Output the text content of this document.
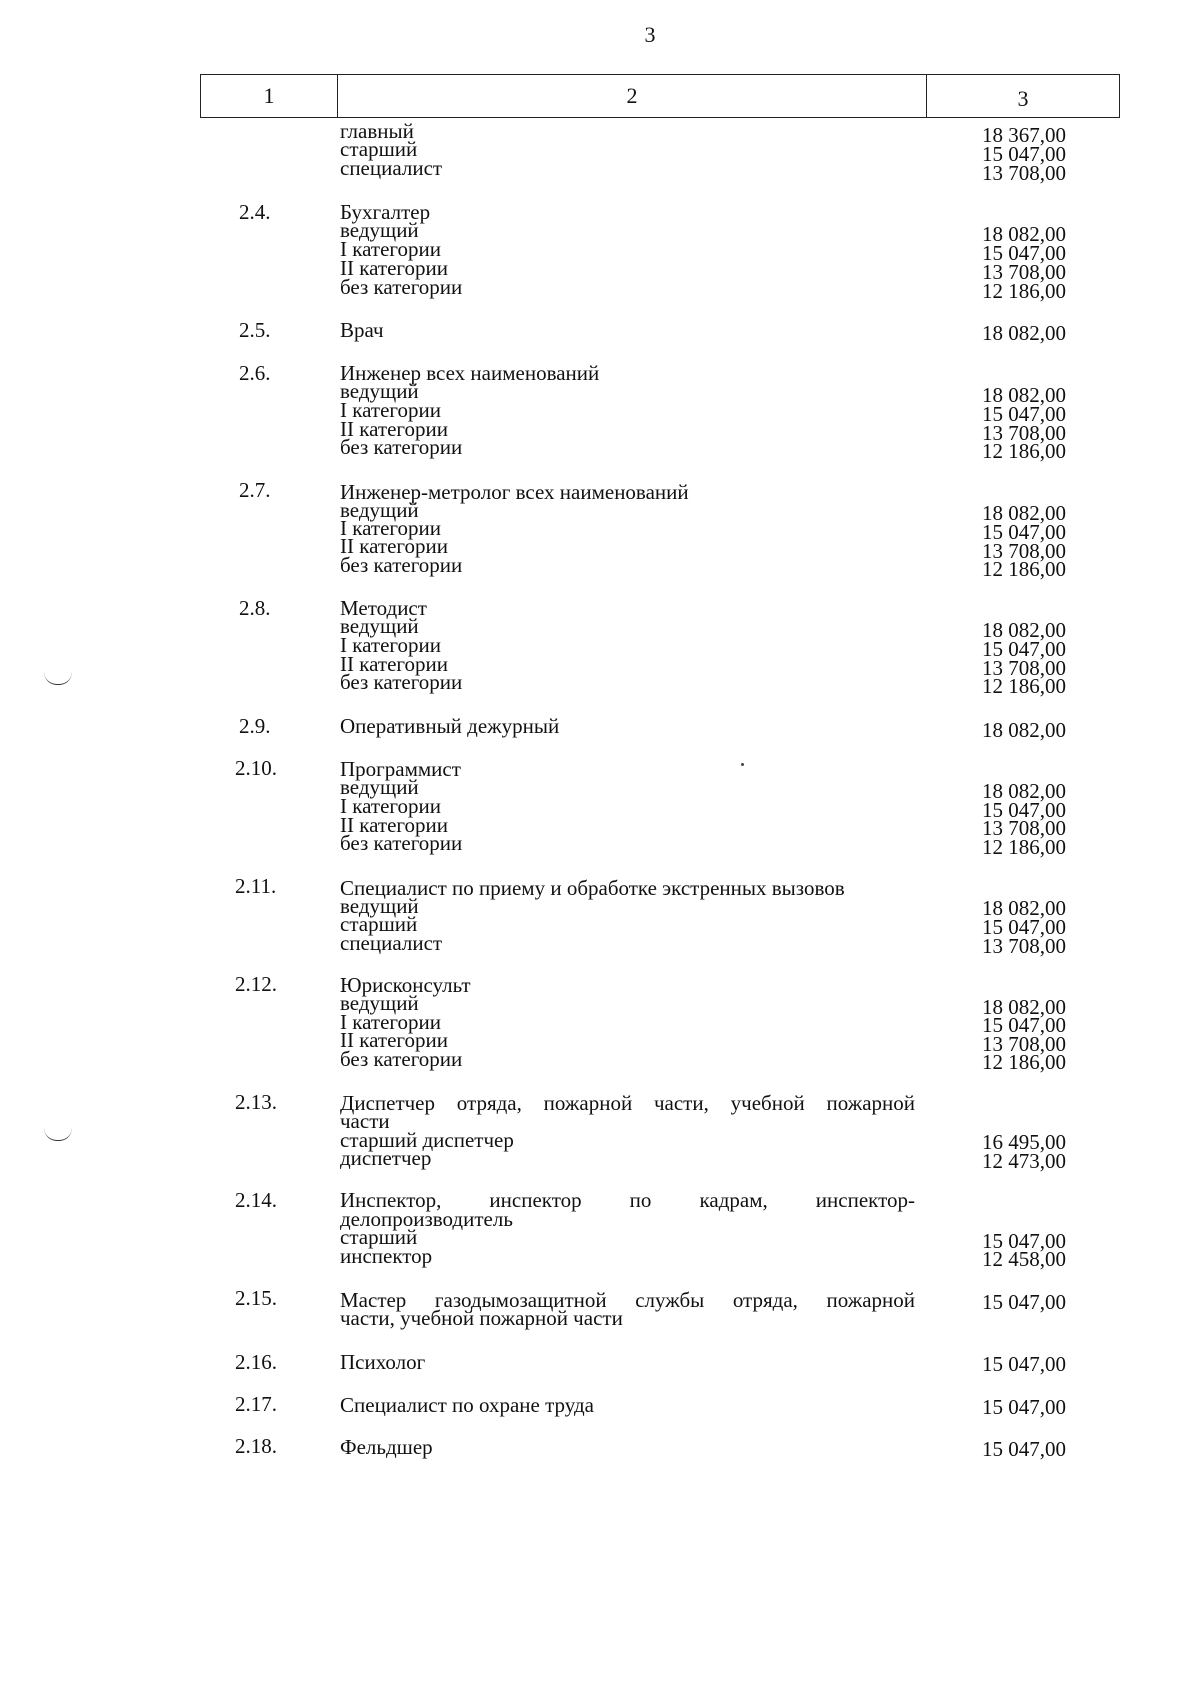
3
1	2	3
главный	18 367,00
старший	15 047,00
специалист	13 708,00
2.4.	Бухгалтер
ведущий	18 082,00
I категории	15 047,00
II категории	13 708,00
без категории	12 186,00
2.5.	Врач	18 082,00
2.6.	Инженер всех наименований
ведущий	18 082,00
I категории	15 047,00
II категории	13 708,00
без категории	12 186,00
2.7.	Инженер-метролог всех наименований
ведущий	18 082,00
I категории	15 047,00
II категории	13 708,00
без категории	12 186,00
2.8.	Методист
ведущий	18 082,00
I категории	15 047,00
II категории	13 708,00
без категории	12 186,00
2.9.	Оперативный дежурный	18 082,00
2.10.	Программист
ведущий	18 082,00
I категории	15 047,00
II категории	13 708,00
без категории	12 186,00
2.11.	Специалист по приему и обработке экстренных вызовов
ведущий	18 082,00
старший	15 047,00
специалист	13 708,00
2.12.	Юрисконсульт
ведущий	18 082,00
I категории	15 047,00
II категории	13 708,00
без категории	12 186,00
2.13.	Диспетчер отряда, пожарной части, учебной пожарной
части
старший диспетчер	16 495,00
диспетчер	12 473,00
2.14.	Инспектор, инспектор по кадрам, инспектор-
делопроизводитель
старший	15 047,00
инспектор	12 458,00
2.15.	Мастер газодымозащитной службы отряда, пожарной	15 047,00
части, учебной пожарной части
2.16.	Психолог	15 047,00
2.17.	Специалист по охране труда	15 047,00
2.18.	Фельдшер	15 047,00
